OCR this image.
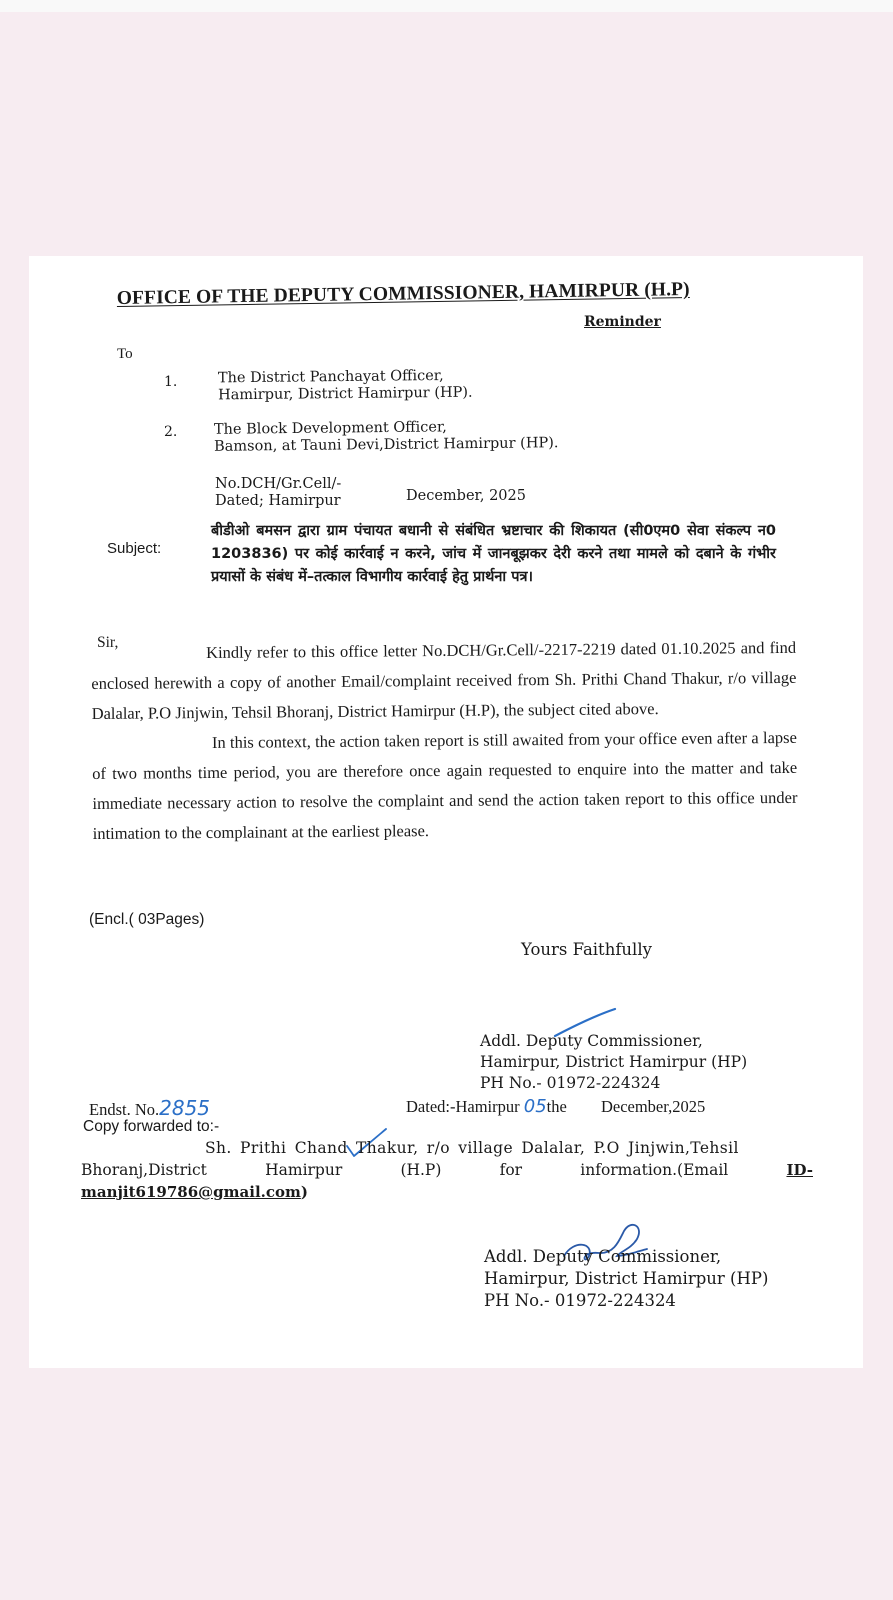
OFFICE OF THE DEPUTY COMMISSIONER, HAMIRPUR (H.P)
Reminder
To
1.	The District Panchayat Officer,
Hamirpur, District Hamirpur (HP).
2.	The Block Development Officer,
Bamson, at Tauni Devi,District Hamirpur (HP).
No.DCH/Gr.Cell/-
Dated; Hamirpur	December, 2025
Subject:
बीडीओ बमसन द्वारा ग्राम पंचायत बधानी से संबंधित भ्रष्टाचार की शिकायत (सी0एम0 सेवा संकल्प न0 1203836) पर कोई कार्रवाई न करने, जांच में जानबूझकर देरी करने तथा मामले को दबाने के गंभीर प्रयासों के संबंध में–तत्काल विभागीय कार्रवाई हेतु प्रार्थना पत्र।
Sir,	Kindly refer to this office letter No.DCH/Gr.Cell/-2217-2219 dated 01.10.2025 and find enclosed herewith a copy of another Email/complaint received from Sh. Prithi Chand Thakur, r/o village Dalalar, P.O Jinjwin, Tehsil Bhoranj, District Hamirpur (H.P), the subject cited above.

In this context, the action taken report is still awaited from your office even after a lapse of two months time period, you are therefore once again requested to enquire into the matter and take immediate necessary action to resolve the complaint and send the action taken report to this office under intimation to the complainant at the earliest please.

(Encl.( 03Pages)
Yours Faithfully
Addl. Deputy Commissioner,
Hamirpur, District Hamirpur (HP)
PH No.- 01972-224324
Endst. No.2855	Dated:-Hamirpur 05the December,2025
Copy forwarded to:-
Sh. Prithi Chand Thakur, r/o village Dalalar, P.O Jinjwin,Tehsil
Bhoranj,District	Hamirpur	(H.P)	for	information.(Email	ID-
manjit619786@gmail.com)
Addl. Deputy Commissioner,
Hamirpur, District Hamirpur (HP)
PH No.- 01972-224324
